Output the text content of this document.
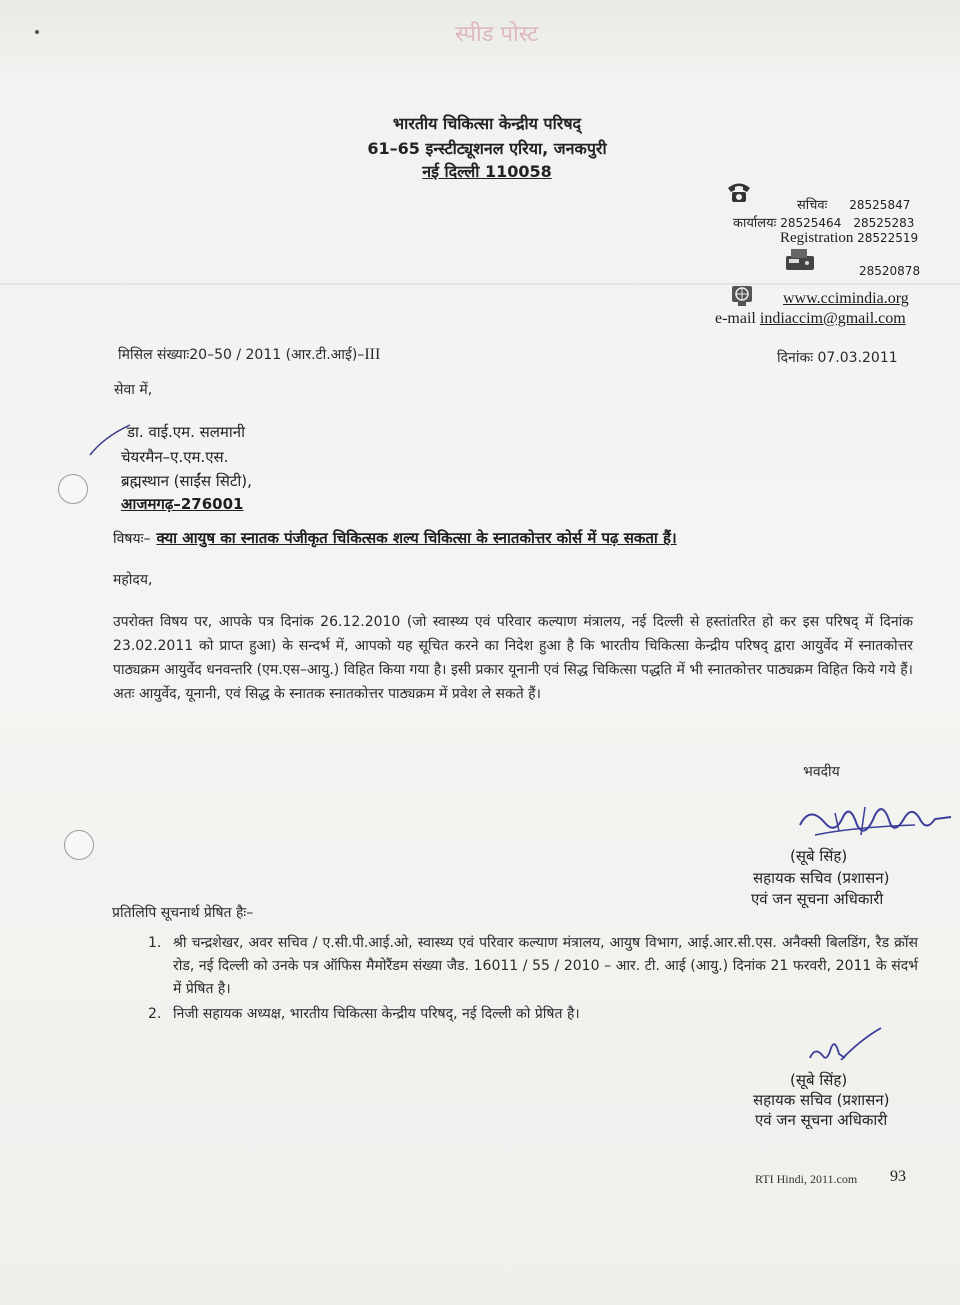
स्पीड पोस्ट
भारतीय चिकित्सा केन्द्रीय परिषद्
61–65 इन्स्टीट्यूशनल एरिया, जनकपुरी
नई दिल्ली 110058
सचिवः 28525847
कार्यालयः 28525464 28525283
Registration 28522519
28520878
www.ccimindia.org
e-mail indiaccim@gmail.com
मिसिल संख्याः20–50 / 2011 (आर.टी.आई)–III	दिनांकः 07.03.2011
सेवा में,
डा. वाई.एम. सलमानी
चेयरमैन–ए.एम.एस.
ब्रह्मस्थान (साईंस सिटी),
आजमगढ़–276001
विषयः– क्या आयुष का स्नातक पंजीकृत चिकित्सक शल्य चिकित्सा के स्नातकोत्तर कोर्स में पढ़ सकता हैं।
महोदय,
उपरोक्त विषय पर, आपके पत्र दिनांक 26.12.2010 (जो स्वास्थ्य एवं परिवार कल्याण मंत्रालय, नई दिल्ली से हस्तांतरित हो कर इस परिषद् में दिनांक 23.02.2011 को प्राप्त हुआ) के सन्दर्भ में, आपको यह सूचित करने का निदेश हुआ है कि भारतीय चिकित्सा केन्द्रीय परिषद् द्वारा आयुर्वेद में स्नातकोत्तर पाठ्यक्रम आयुर्वेद धनवन्तरि (एम.एस–आयु.) विहित किया गया है। इसी प्रकार यूनानी एवं सिद्ध चिकित्सा पद्धति में भी स्नातकोत्तर पाठ्यक्रम विहित किये गये हैं। अतः आयुर्वेद, यूनानी, एवं सिद्ध के स्नातक स्नातकोत्तर पाठ्यक्रम में प्रवेश ले सकते हैं।
भवदीय
(सूबे सिंह)
सहायक सचिव (प्रशासन)
एवं जन सूचना अधिकारी
प्रतिलिपि सूचनार्थ प्रेषित हैः–
1. श्री चन्द्रशेखर, अवर सचिव / ए.सी.पी.आई.ओ, स्वास्थ्य एवं परिवार कल्याण मंत्रालय, आयुष विभाग, आई.आर.सी.एस. अनैक्सी बिलडिंग, रैड क्रॉस रोड, नई दिल्ली को उनके पत्र ऑफिस मैमोरैंडम संख्या जैड. 16011 / 55 / 2010 – आर. टी. आई (आयु.) दिनांक 21 फरवरी, 2011 के संदर्भ में प्रेषित है।
2. निजी सहायक अध्यक्ष, भारतीय चिकित्सा केन्द्रीय परिषद्, नई दिल्ली को प्रेषित है।
(सूबे सिंह)
सहायक सचिव (प्रशासन)
एवं जन सूचना अधिकारी
RTI Hindi, 2011.com 93
